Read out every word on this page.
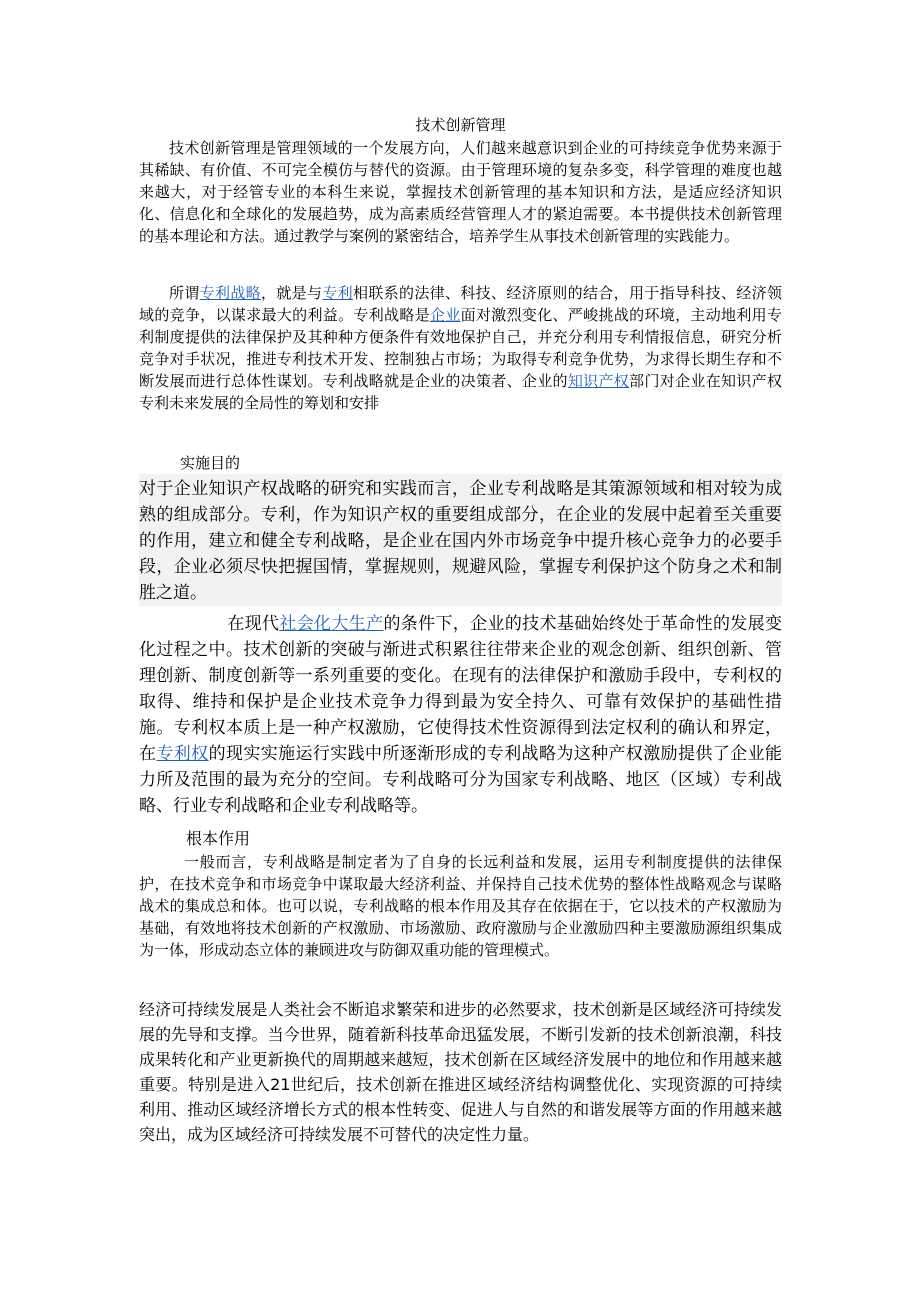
技术创新管理

技术创新管理是管理领域的一个发展方向，人们越来越意识到企业的可持续竞争优势来源于其稀缺、有价值、不可完全模仿与替代的资源。由于管理环境的复杂多变，科学管理的难度也越来越大，对于经管专业的本科生来说，掌握技术创新管理的基本知识和方法，是适应经济知识化、信息化和全球化的发展趋势，成为高素质经营管理人才的紧迫需要。本书提供技术创新管理的基本理论和方法。通过教学与案例的紧密结合，培养学生从事技术创新管理的实践能力。

所谓专利战略，就是与专利相联系的法律、科技、经济原则的结合，用于指导科技、经济领域的竞争，以谋求最大的利益。专利战略是企业面对激烈变化、严峻挑战的环境，主动地利用专利制度提供的法律保护及其种种方便条件有效地保护自己，并充分利用专利情报信息，研究分析竞争对手状况，推进专利技术开发、控制独占市场；为取得专利竞争优势，为求得长期生存和不断发展而进行总体性谋划。专利战略就是企业的决策者、企业的知识产权部门对企业在知识产权专利未来发展的全局性的筹划和安排

实施目的

对于企业知识产权战略的研究和实践而言，企业专利战略是其策源领域和相对较为成熟的组成部分。专利，作为知识产权的重要组成部分，在企业的发展中起着至关重要的作用，建立和健全专利战略，是企业在国内外市场竞争中提升核心竞争力的必要手段，企业必须尽快把握国情，掌握规则，规避风险，掌握专利保护这个防身之术和制胜之道。

在现代社会化大生产的条件下，企业的技术基础始终处于革命性的发展变化过程之中。技术创新的突破与渐进式积累往往带来企业的观念创新、组织创新、管理创新、制度创新等一系列重要的变化。在现有的法律保护和激励手段中，专利权的取得、维持和保护是企业技术竞争力得到最为安全持久、可靠有效保护的基础性措施。专利权本质上是一种产权激励，它使得技术性资源得到法定权利的确认和界定，在专利权的现实实施运行实践中所逐渐形成的专利战略为这种产权激励提供了企业能力所及范围的最为充分的空间。专利战略可分为国家专利战略、地区（区域）专利战略、行业专利战略和企业专利战略等。

根本作用

一般而言，专利战略是制定者为了自身的长远利益和发展，运用专利制度提供的法律保护，在技术竞争和市场竞争中谋取最大经济利益、并保持自己技术优势的整体性战略观念与谋略战术的集成总和体。也可以说，专利战略的根本作用及其存在依据在于，它以技术的产权激励为基础，有效地将技术创新的产权激励、市场激励、政府激励与企业激励四种主要激励源组织集成为一体，形成动态立体的兼顾进攻与防御双重功能的管理模式。

经济可持续发展是人类社会不断追求繁荣和进步的必然要求，技术创新是区域经济可持续发展的先导和支撑。当今世界，随着新科技革命迅猛发展，不断引发新的技术创新浪潮，科技成果转化和产业更新换代的周期越来越短，技术创新在区域经济发展中的地位和作用越来越重要。特别是进入21世纪后，技术创新在推进区域经济结构调整优化、实现资源的可持续利用、推动区域经济增长方式的根本性转变、促进人与自然的和谐发展等方面的作用越来越突出，成为区域经济可持续发展不可替代的决定性力量。
